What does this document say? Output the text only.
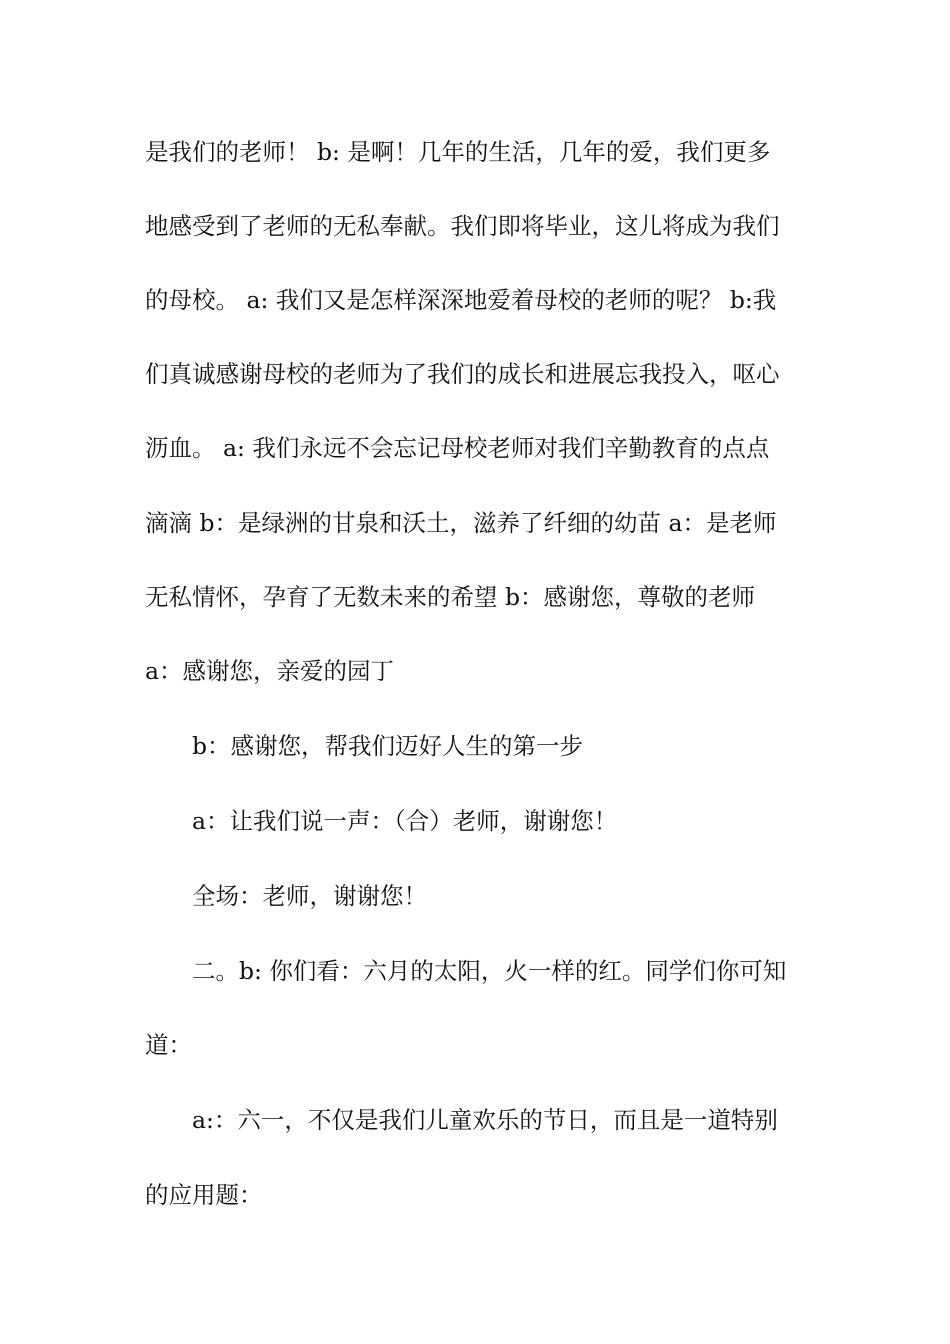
是我们的老师！ b: 是啊！几年的生活，几年的爱，我们更多
地感受到了老师的无私奉献。我们即将毕业，这儿将成为我们
的母校。 a: 我们又是怎样深深地爱着母校的老师的呢？ b:我
们真诚感谢母校的老师为了我们的成长和进展忘我投入，呕心
沥血。 a: 我们永远不会忘记母校老师对我们辛勤教育的点点
滴滴 b：是绿洲的甘泉和沃土，滋养了纤细的幼苗 a：是老师
无私情怀，孕育了无数未来的希望 b：感谢您，尊敬的老师
a：感谢您，亲爱的园丁
b：感谢您，帮我们迈好人生的第一步
a：让我们说一声：（合）老师，谢谢您！
全场：老师，谢谢您！
二。b: 你们看：六月的太阳，火一样的红。同学们你可知
道：
a:：六一，不仅是我们儿童欢乐的节日，而且是一道特别
的应用题：
